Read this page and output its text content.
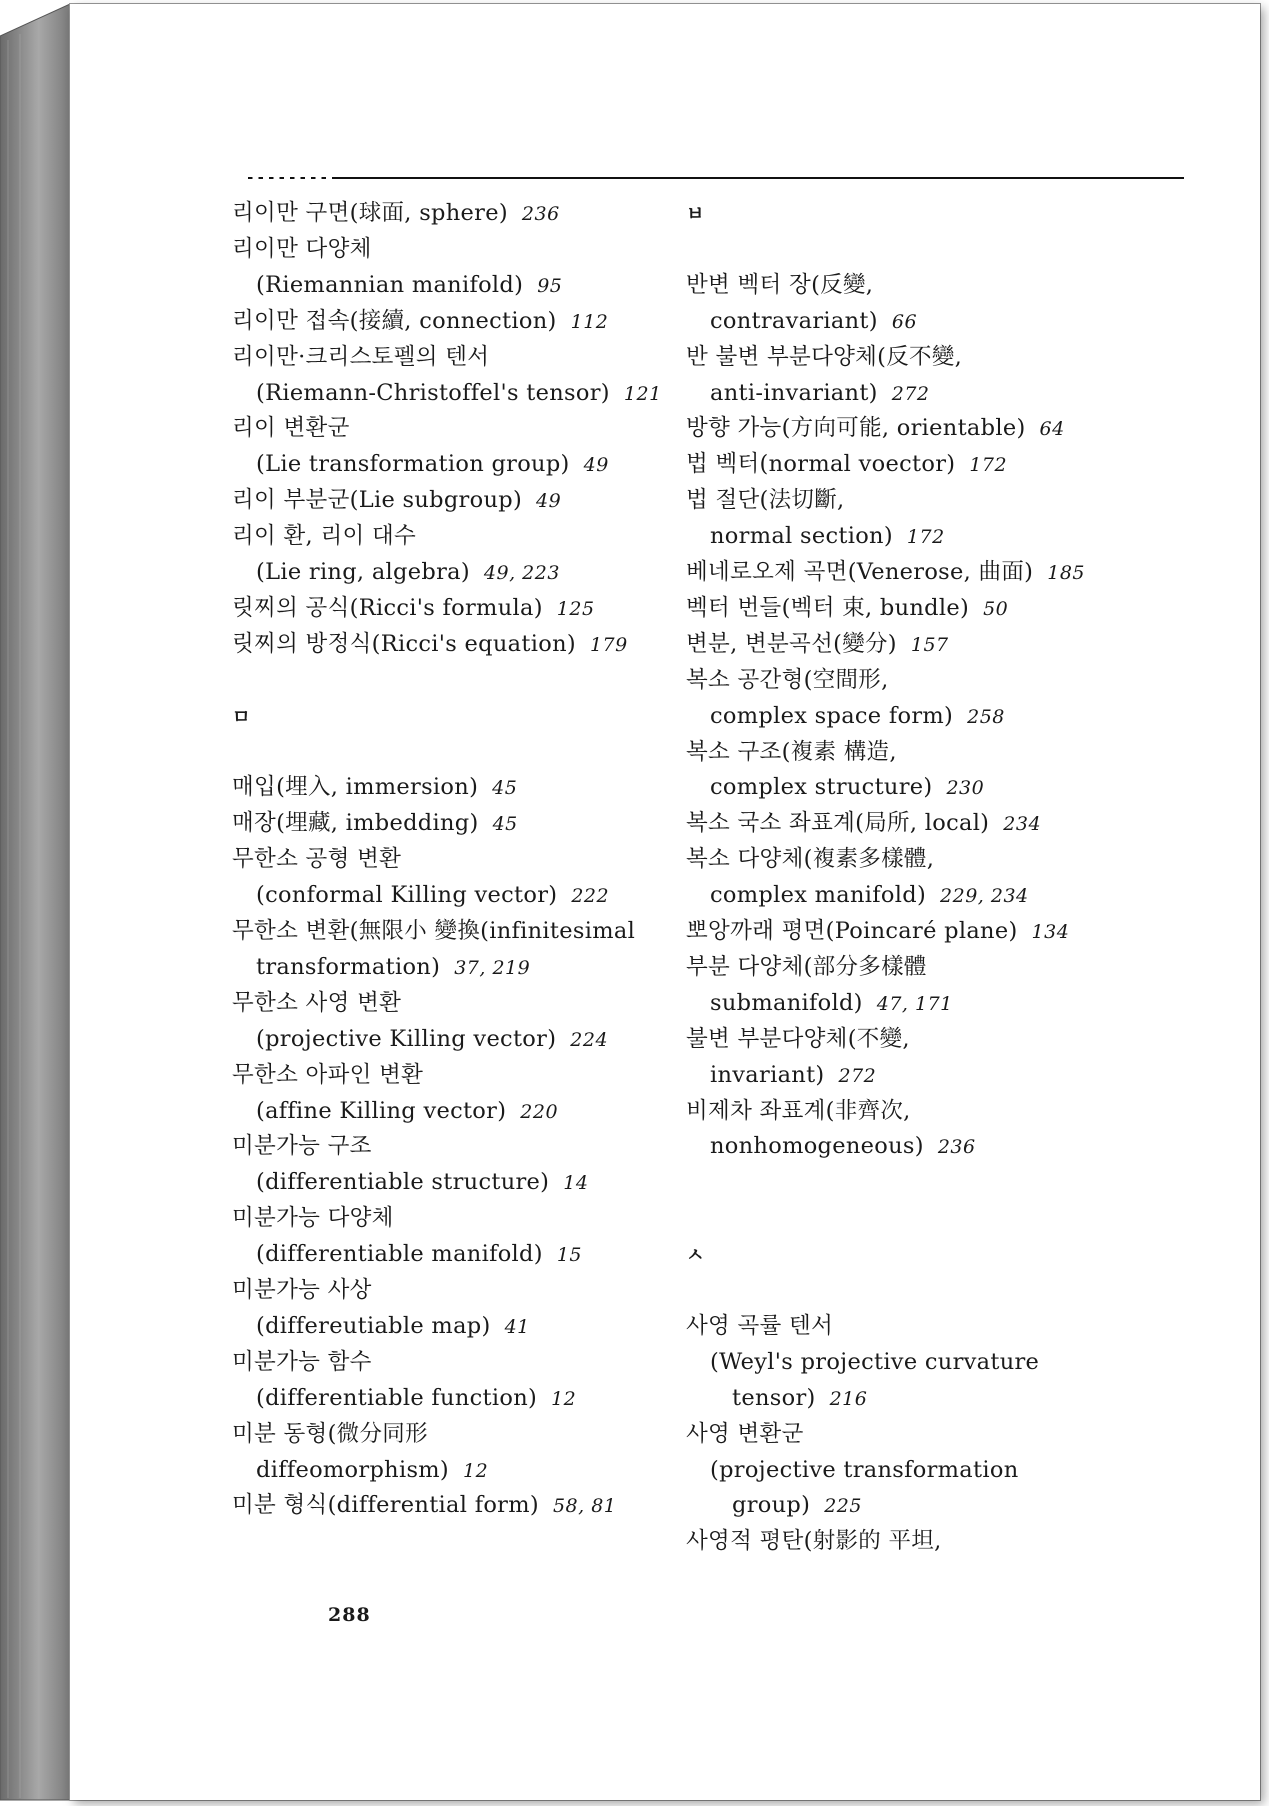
리이만 구면(球面, sphere) 236
리이만 다양체
(Riemannian manifold) 95
리이만 접속(接續, connection) 112
리이만·크리스토펠의 텐서
(Riemann-Christoffel's tensor) 121
리이 변환군
(Lie transformation group) 49
리이 부분군(Lie subgroup) 49
리이 환, 리이 대수
(Lie ring, algebra) 49, 223
릿찌의 공식(Ricci's formula) 125
릿찌의 방정식(Ricci's equation) 179
ㅁ
매입(埋入, immersion) 45
매장(埋藏, imbedding) 45
무한소 공형 변환
(conformal Killing vector) 222
무한소 변환(無限小 變換(infinitesimal
transformation) 37, 219
무한소 사영 변환
(projective Killing vector) 224
무한소 아파인 변환
(affine Killing vector) 220
미분가능 구조
(differentiable structure) 14
미분가능 다양체
(differentiable manifold) 15
미분가능 사상
(differeutiable map) 41
미분가능 함수
(differentiable function) 12
미분 동형(微分同形
diffeomorphism) 12
미분 형식(differential form) 58, 81
ㅂ
반변 벡터 장(反變,
contravariant) 66
반 불변 부분다양체(反不變,
anti-invariant) 272
방향 가능(方向可能, orientable) 64
법 벡터(normal voector) 172
법 절단(法切斷,
normal section) 172
베네로오제 곡면(Venerose, 曲面) 185
벡터 번들(벡터 束, bundle) 50
변분, 변분곡선(變分) 157
복소 공간형(空間形,
complex space form) 258
복소 구조(複素 構造,
complex structure) 230
복소 국소 좌표계(局所, local) 234
복소 다양체(複素多樣體,
complex manifold) 229, 234
뽀앙까래 평면(Poincaré plane) 134
부분 다양체(部分多樣體
submanifold) 47, 171
불변 부분다양체(不變,
invariant) 272
비제차 좌표계(非齊次,
nonhomogeneous) 236
ㅅ
사영 곡률 텐서
(Weyl's projective curvature
tensor) 216
사영 변환군
(projective transformation
group) 225
사영적 평탄(射影的 平坦,
288
